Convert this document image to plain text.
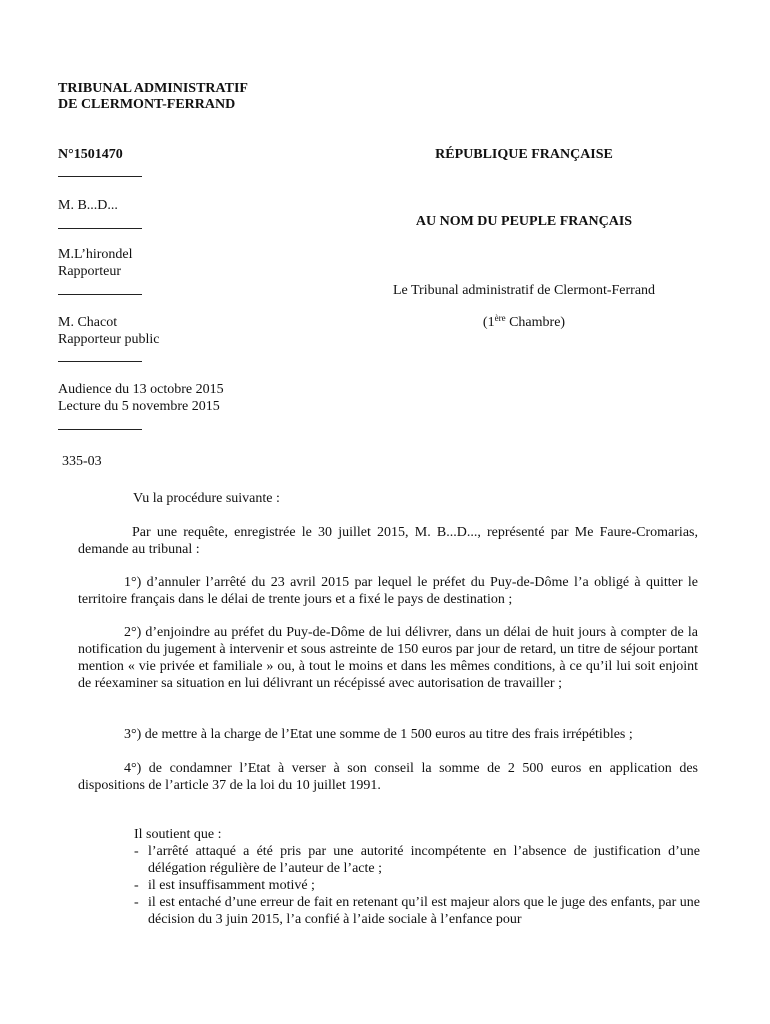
TRIBUNAL ADMINISTRATIF
DE CLERMONT-FERRAND
N°1501470
M. B...D...
M.L’hirondel
Rapporteur
M. Chacot
Rapporteur public
Audience du 13 octobre 2015
Lecture du 5 novembre 2015
335-03
RÉPUBLIQUE FRANÇAISE
AU NOM DU PEUPLE FRANÇAIS
Le Tribunal administratif de Clermont-Ferrand
(1ère Chambre)
Vu la procédure suivante :
Par une requête, enregistrée le 30 juillet 2015, M. B...D..., représenté par Me Faure-Cromarias, demande au tribunal :
1°) d’annuler l’arrêté du 23 avril 2015 par lequel le préfet du Puy-de-Dôme l’a obligé à quitter le territoire français dans le délai de trente jours et a fixé le pays de destination ;
2°) d’enjoindre au préfet du Puy-de-Dôme de lui délivrer, dans un délai de huit jours à compter de la notification du jugement à intervenir et sous astreinte de 150 euros par jour de retard, un titre de séjour portant mention « vie privée et familiale » ou, à tout le moins et dans les mêmes conditions, à ce qu’il lui soit enjoint de réexaminer sa situation en lui délivrant un récépissé avec autorisation de travailler ;
3°) de mettre à la charge de l’Etat une somme de 1 500 euros au titre des frais irrépétibles ;
4°) de condamner l’Etat à verser à son conseil la somme de 2 500 euros en application des dispositions de l’article 37 de la loi du 10 juillet 1991.
Il soutient que :
- l’arrêté attaqué a été pris par une autorité incompétente en l’absence de justification d’une délégation régulière de l’auteur de l’acte ;
- il est insuffisamment motivé ;
- il est entaché d’une erreur de fait en retenant qu’il est majeur alors que le juge des enfants, par une décision du 3 juin 2015, l’a confié à l’aide sociale à l’enfance pour
